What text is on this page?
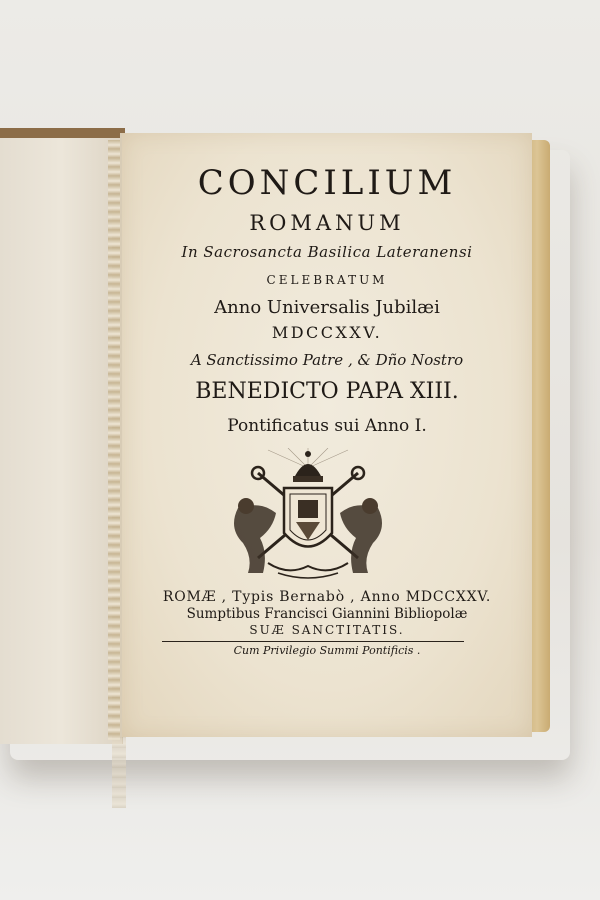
CONCILIUM
ROMANUM
In Sacrosancta Basilica Lateranensi
CELEBRATUM
Anno Universalis Jubilæi
MDCCXXV.
A Sanctissimo Patre , & Dño Nostro
BENEDICTO PAPA XIII.
Pontificatus sui Anno I.
ROMÆ , Typis Bernabò , Anno MDCCXXV.
Sumptibus Francisci Giannini Bibliopolæ
SUÆ SANCTITATIS.
Cum Privilegio Summi Pontificis .
